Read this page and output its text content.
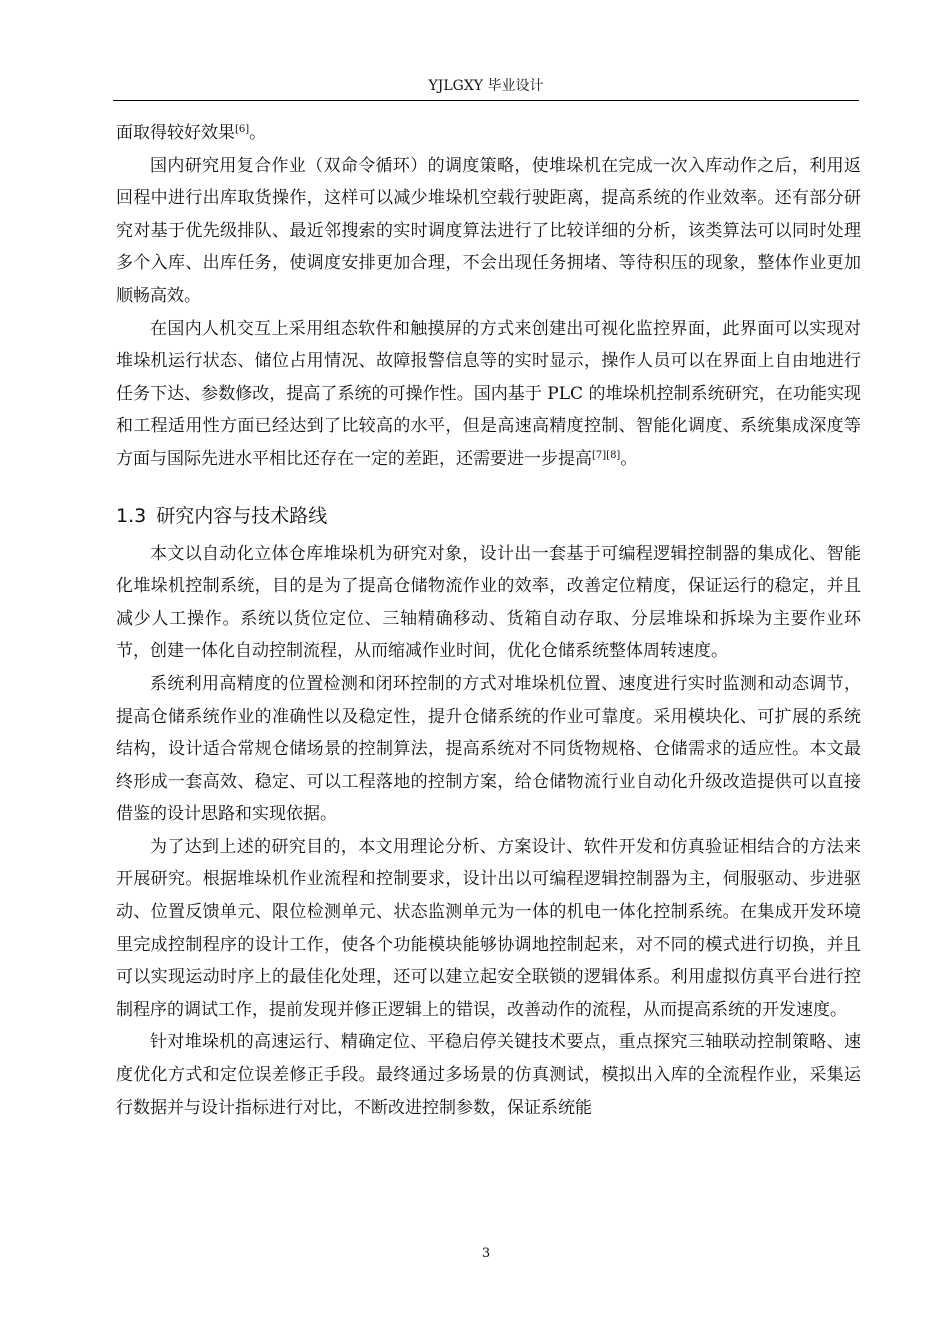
YJLGXY 毕业设计

面取得较好效果[6]。

国内研究用复合作业（双命令循环）的调度策略，使堆垛机在完成一次入库动作之后，利用返回程中进行出库取货操作，这样可以减少堆垛机空载行驶距离，提高系统的作业效率。还有部分研究对基于优先级排队、最近邻搜索的实时调度算法进行了比较详细的分析，该类算法可以同时处理多个入库、出库任务，使调度安排更加合理，不会出现任务拥堵、等待积压的现象，整体作业更加顺畅高效。

在国内人机交互上采用组态软件和触摸屏的方式来创建出可视化监控界面，此界面可以实现对堆垛机运行状态、储位占用情况、故障报警信息等的实时显示，操作人员可以在界面上自由地进行任务下达、参数修改，提高了系统的可操作性。国内基于 PLC 的堆垛机控制系统研究，在功能实现和工程适用性方面已经达到了比较高的水平，但是高速高精度控制、智能化调度、系统集成深度等方面与国际先进水平相比还存在一定的差距，还需要进一步提高[7][8]。

1.3 研究内容与技术路线

本文以自动化立体仓库堆垛机为研究对象，设计出一套基于可编程逻辑控制器的集成化、智能化堆垛机控制系统，目的是为了提高仓储物流作业的效率，改善定位精度，保证运行的稳定，并且减少人工操作。系统以货位定位、三轴精确移动、货箱自动存取、分层堆垛和拆垛为主要作业环节，创建一体化自动控制流程，从而缩减作业时间，优化仓储系统整体周转速度。

系统利用高精度的位置检测和闭环控制的方式对堆垛机位置、速度进行实时监测和动态调节，提高仓储系统作业的准确性以及稳定性，提升仓储系统的作业可靠度。采用模块化、可扩展的系统结构，设计适合常规仓储场景的控制算法，提高系统对不同货物规格、仓储需求的适应性。本文最终形成一套高效、稳定、可以工程落地的控制方案，给仓储物流行业自动化升级改造提供可以直接借鉴的设计思路和实现依据。

为了达到上述的研究目的，本文用理论分析、方案设计、软件开发和仿真验证相结合的方法来开展研究。根据堆垛机作业流程和控制要求，设计出以可编程逻辑控制器为主，伺服驱动、步进驱动、位置反馈单元、限位检测单元、状态监测单元为一体的机电一体化控制系统。在集成开发环境里完成控制程序的设计工作，使各个功能模块能够协调地控制起来，对不同的模式进行切换，并且可以实现运动时序上的最佳化处理，还可以建立起安全联锁的逻辑体系。利用虚拟仿真平台进行控制程序的调试工作，提前发现并修正逻辑上的错误，改善动作的流程，从而提高系统的开发速度。

针对堆垛机的高速运行、精确定位、平稳启停关键技术要点，重点探究三轴联动控制策略、速度优化方式和定位误差修正手段。最终通过多场景的仿真测试，模拟出入库的全流程作业，采集运行数据并与设计指标进行对比，不断改进控制参数，保证系统能

3
